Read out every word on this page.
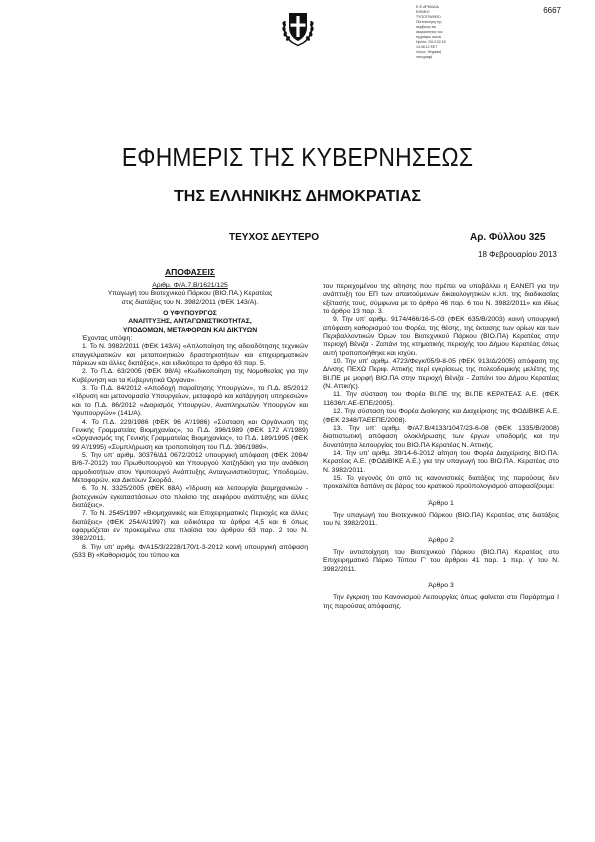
Ε.Φ.ΑΡΜΟΔΙΑ
ΕΘΝΙΚΟ
ΤΥΠΟΓΡΑΦΕΙΟ
Πιστοποίηση της
ακρίβειας και
ακεραιότητας του
εγγράφου αυτού
Ημ/νία: 2013.02.18
14:45:12 EET
Λόγος: Ψηφιακή
υπογραφή
6667
ΕΦΗΜΕΡΙΣ ΤΗΣ ΚΥΒΕΡΝΗΣΕΩΣ
ΤΗΣ ΕΛΛΗΝΙΚΗΣ ΔΗΜΟΚΡΑΤΙΑΣ
ΤΕΥΧΟΣ ΔΕΥΤΕΡΟ	Αρ. Φύλλου 325
18 Φεβρουαρίου 2013
ΑΠΟΦΑΣΕΙΣ
Αριθμ. Φ/Α.7.Β/1621/125
Υπαγωγή του Βιοτεχνικού Πάρκου (ΒΙΟ.ΠΑ.) Κερατέας
στις διατάξεις του Ν. 3982/2011 (ΦΕΚ 143/Α).
Ο ΥΦΥΠΟΥΡΓΟΣ
ΑΝΑΠΤΥΞΗΣ, ΑΝΤΑΓΩΝΙΣΤΙΚΟΤΗΤΑΣ,
ΥΠΟΔΟΜΩΝ, ΜΕΤΑΦΟΡΩΝ ΚΑΙ ΔΙΚΤΥΩΝ

Έχοντας υπόψη:

1. Το Ν. 3982/2011 (ΦΕΚ 143/Α) «Απλοποίηση της αδειοδότησης τεχνικών επαγγελματικών και μεταποιητικών δραστηριοτήτων και επιχειρηματικών πάρκων και άλλες διατάξεις», και ειδικότερα το άρθρο 63 παρ. 5.

2. Το Π.Δ. 63/2005 (ΦΕΚ 98/Α) «Κωδικοποίηση της Νομοθεσίας για την Κυβέρνηση και τα Κυβερνητικά Όργανα».

3. Το Π.Δ. 84/2012 «Αποδοχή παραίτησης Υπουργών», το Π.Δ. 85/2012 «Ίδρυση και μετονομασία Υπουργείων, μεταφορά και κατάργηση υπηρεσιών» και το Π.Δ. 86/2012 «Διορισμός Υπουργών, Αναπληρωτών Υπουργών και Υφυπουργών» (141/Α).

4. Το Π.Δ. 229/1986 (ΦΕΚ 96 Α'/1986) «Σύσταση και Οργάνωση της Γενικής Γραμματείας Βιομηχανίας», το Π.Δ. 396/1989 (ΦΕΚ 172 Α'/1989) «Οργανισμός της Γενικής Γραμματείας Βιομηχανίας», το Π.Δ. 189/1995 (ΦΕΚ 99 Α'/1995) «Συμπλήρωση και τροποποίηση του Π.Δ. 396/1989».

5. Την υπ' αριθμ. 30376/Δ1 0672/2012 υπουργική απόφαση (ΦΕΚ 2094/Β/6-7-2012) του Πρωθυπουργού και Υπουργού Χατζηδάκη για την ανάθεση αρμοδιοτήτων στον Υφυπουργό Ανάπτυξης Ανταγωνιστικότητας, Υποδομών, Μεταφορών, και Δικτύων Σκορδά.

6. Το Ν. 3325/2005 (ΦΕΚ 68Α) «Ίδρυση και λειτουργία βιομηχανικών - βιοτεχνικών εγκαταστάσεων στο πλαίσιο της αειφόρου ανάπτυξης και άλλες διατάξεις».

7. Το Ν. 2545/1997 «Βιομηχανικές και Επιχειρηματικές Περιοχές και άλλες διατάξεις» (ΦΕΚ 254/Α/1997) και ειδικότερα τα άρθρα 4,5 και 6 όπως εφαρμόζεται εν προκειμένω στα πλαίσια του άρθρου 63 παρ. 2 του Ν. 3982/2011.

8. Την υπ' αριθμ. Φ/Α15/3/2228/170/1-3-2012 κοινή υπουργική απόφαση (533 Β) «Καθορισμός του τύπου και

του περιεχομένου της αίτησης που πρέπει να υποβάλλει η ΕΑΝΕΠ για την ανάπτυξη του ΕΠ των απαιτούμενων δικαιολογητικών κ.λπ. της διαδικασίας εξέτασής τους, σύμφωνα με το άρθρο 46 παρ. 6 του Ν. 3982/2011» και ιδίως το άρθρο 13 παρ. 3.

9. Την υπ' αριθμ. 9174/466/16-5-03 (ΦΕΚ 635/Β/2003) κοινή υπουργική απόφαση καθορισμού του Φορέα, της θέσης, της έκτασης των ορίων και των Περιβαλλοντικών Όρων του Βιοτεχνικού Πάρκου (ΒΙΟ.ΠΑ) Κερατέας στην περιοχή Βένιζα - Ζαπάνι της κτηματικής περιοχής του Δήμου Κερατέας όπως αυτή τροποποιήθηκε και ισχύει.

10. Την υπ' αριθμ. 4723/Φεγκ/05/9-8-05 (ΦΕΚ 913/Δ/2005) απόφαση της Δ/νσης ΠΕΧΩ Περιφ. Αττικής περί εγκρίσεως της πολεοδομικής μελέτης της ΒΙ.ΠΕ με μορφή ΒΙΟ.ΠΑ στην περιοχή Βένιζα - Ζαπάνι του Δήμου Κερατέας (Ν. Αττικής).

11. Την σύσταση του Φορέα ΒΙ.ΠΕ της ΒΙ.ΠΕ ΚΕΡΑΤΕΑΣ Α.Ε. (ΦΕΚ 11636/τ.ΑΕ-ΕΠΕ/2005).

12. Την σύσταση του Φορέα Διοίκησης και Διαχείρισης της ΦΟΔΙΒΙΚΕ Α.Ε. (ΦΕΚ 2348/ΤΑΕΕΠΕ/2008).

13. Την υπ' αριθμ. Φ/Α7.Β/4133/1047/23-6-08 (ΦΕΚ 1335/Β/2008) διαπιστωτική απόφαση ολοκλήρωσης των έργων υποδομής και την δυνατότητα λειτουργίας του ΒΙΟ.ΠΑ Κερατέας Ν. Αττικής.

14. Την υπ' αριθμ. 39/14-6-2012 αίτηση του Φορέα Διαχείρισης ΒΙΟ.ΠΑ. Κερατέας Α.Ε. (ΦΟΔΙΒΙΚΕ Α.Ε.) για την υπαγωγή του ΒΙΟ.ΠΑ. Κερατέας στο Ν. 3982/2011.

15. Το γεγονός ότι από τις κανονιστικές διατάξεις της παρούσας δεν προκαλείται δαπάνη σε βάρος του κρατικού προϋπολογισμού αποφασίζουμε:

Άρθρο 1

Την υπαγωγή του Βιοτεχνικού Πάρκου (ΒΙΟ.ΠΑ) Κερατέας στις διατάξεις του Ν. 3982/2011.

Άρθρο 2

Την αντιστοίχηση του Βιοτεχνικού Πάρκου (ΒΙΟ.ΠΑ) Κερατέας στο Επιχειρηματικό Πάρκο Τύπου Γ' του άρθρου 41 παρ. 1 περ. γ' του Ν. 3982/2011.

Άρθρο 3

Την έγκριση του Κανονισμού Λειτουργίας όπως φαίνεται στο Παράρτημα Ι της παρούσας απόφασης.
